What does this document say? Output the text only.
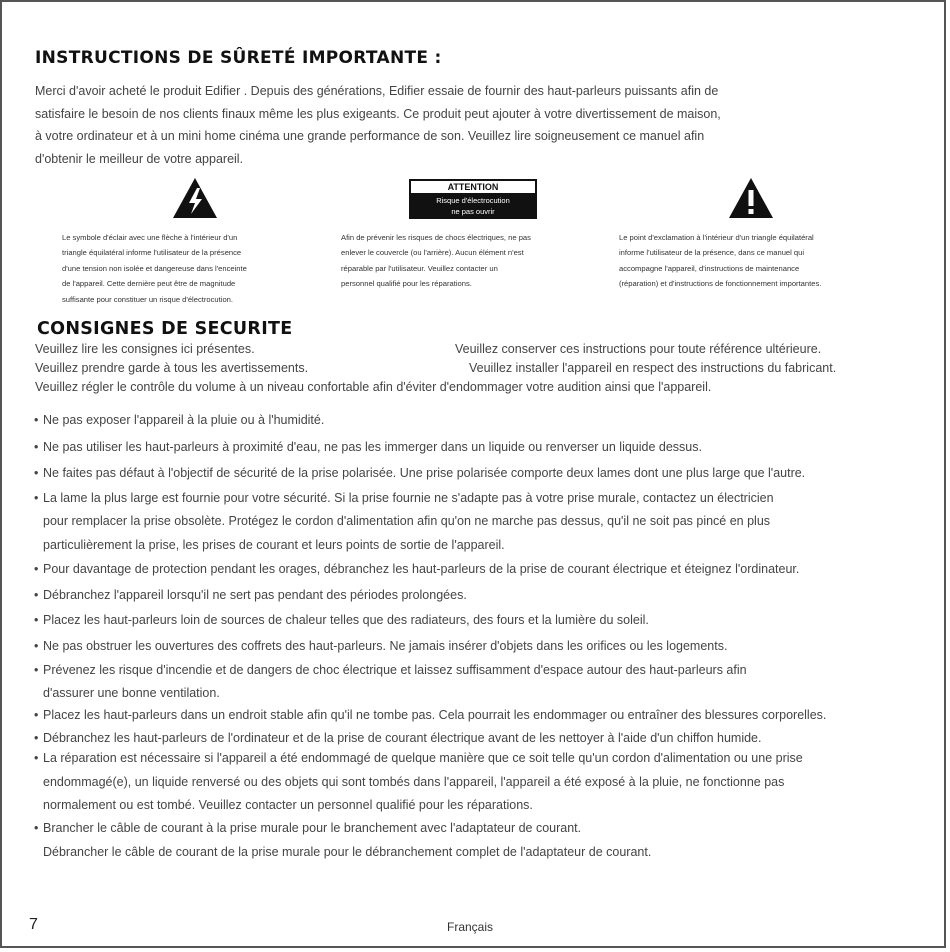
INSTRUCTIONS DE SÛRETÉ IMPORTANTE :
Merci d'avoir acheté le produit Edifier . Depuis des générations, Edifier essaie de fournir des haut-parleurs puissants afin de
satisfaire le besoin de nos clients finaux même les plus exigeants. Ce produit peut ajouter à votre divertissement de maison,
à votre ordinateur et à un mini home cinéma une grande performance de son. Veuillez lire soigneusement ce manuel afin
d'obtenir le meilleur de votre appareil.
ATTENTION
Risque d'électrocution
ne pas ouvrir
Le symbole d'éclair avec une flèche à l'intérieur d'un
triangle équilatéral informe l'utilisateur de la présence
d'une tension non isolée et dangereuse dans l'enceinte
de l'appareil. Cette dernière peut être de magnitude
suffisante pour constituer un risque d'électrocution.
Afin de prévenir les risques de chocs électriques, ne pas
enlever le couvercle (ou l'arrière). Aucun élément n'est
réparable par l'utilisateur. Veuillez contacter un
personnel qualifié pour les réparations.
Le point d'exclamation à l'intérieur d'un triangle équilatéral
informe l'utilisateur de la présence, dans ce manuel qui
accompagne l'appareil, d'instructions de maintenance
(réparation) et d'instructions de fonctionnement importantes.
CONSIGNES DE SECURITE
Veuillez lire les consignes ici présentes.	Veuillez conserver ces instructions pour toute référence ultérieure.
Veuillez prendre garde à tous les avertissements.	Veuillez installer l'appareil en respect des instructions du fabricant.
Veuillez régler le contrôle du volume à un niveau confortable afin d'éviter d'endommager votre audition ainsi que l'appareil.
• Ne pas exposer l'appareil à la pluie ou à l'humidité.
• Ne pas utiliser les haut-parleurs à proximité d'eau, ne pas les immerger dans un liquide ou renverser un liquide dessus.
• Ne faites pas défaut à l'objectif de sécurité de la prise polarisée. Une prise polarisée comporte deux lames dont une plus large que l'autre.
• La lame la plus large est fournie pour votre sécurité. Si la prise fournie ne s'adapte pas à votre prise murale, contactez un électricien
pour remplacer la prise obsolète. Protégez le cordon d'alimentation afin qu'on ne marche pas dessus, qu'il ne soit pas pincé en plus
particulièrement la prise, les prises de courant et leurs points de sortie de l'appareil.
• Pour davantage de protection pendant les orages, débranchez les haut-parleurs de la prise de courant électrique et éteignez l'ordinateur.
• Débranchez l'appareil lorsqu'il ne sert pas pendant des périodes prolongées.
• Placez les haut-parleurs loin de sources de chaleur telles que des radiateurs, des fours et la lumière du soleil.
• Ne pas obstruer les ouvertures des coffrets des haut-parleurs. Ne jamais insérer d'objets dans les orifices ou les logements.
• Prévenez les risque d'incendie et de dangers de choc électrique et laissez suffisamment d'espace autour des haut-parleurs afin
d'assurer une bonne ventilation.
• Placez les haut-parleurs dans un endroit stable afin qu'il ne tombe pas. Cela pourrait les endommager ou entraîner des blessures corporelles.
• Débranchez les haut-parleurs de l'ordinateur et de la prise de courant électrique avant de les nettoyer à l'aide d'un chiffon humide.
• La réparation est nécessaire si l'appareil a été endommagé de quelque manière que ce soit telle qu'un cordon d'alimentation ou une prise
endommagé(e), un liquide renversé ou des objets qui sont tombés dans l'appareil, l'appareil a été exposé à la pluie, ne fonctionne pas
normalement ou est tombé. Veuillez contacter un personnel qualifié pour les réparations.
• Brancher le câble de courant à la prise murale pour le branchement avec l'adaptateur de courant.
Débrancher le câble de courant de la prise murale pour le débranchement complet de l'adaptateur de courant.
7	Français
